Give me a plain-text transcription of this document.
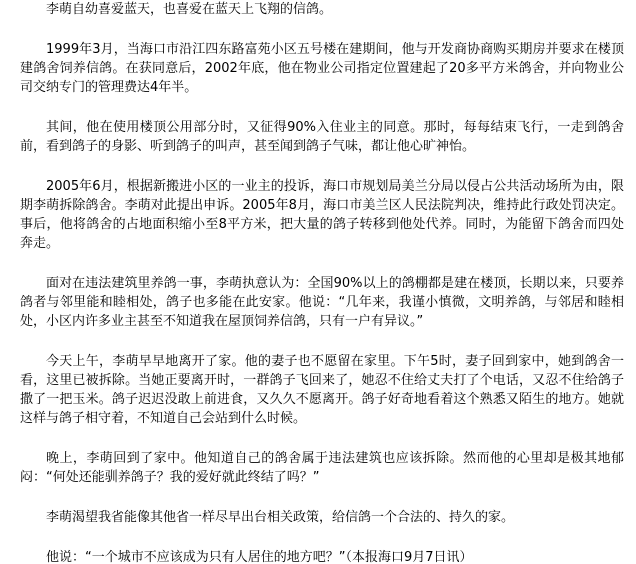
李萌自幼喜爱蓝天，也喜爱在蓝天上飞翔的信鸽。

1999年3月，当海口市沿江四东路富苑小区五号楼在建期间，他与开发商协商购买期房并要求在楼顶建鸽舍饲养信鸽。在获同意后，2002年底，他在物业公司指定位置建起了20多平方米鸽舍，并向物业公司交纳专门的管理费达4年半。

其间，他在使用楼顶公用部分时，又征得90%入住业主的同意。那时，每每结束飞行，一走到鸽舍前，看到鸽子的身影、听到鸽子的叫声，甚至闻到鸽子气味，都让他心旷神怡。

2005年6月，根据新搬进小区的一业主的投诉，海口市规划局美兰分局以侵占公共活动场所为由，限期李萌拆除鸽舍。李萌对此提出申诉。2005年8月，海口市美兰区人民法院判决，维持此行政处罚决定。事后，他将鸽舍的占地面积缩小至8平方米，把大量的鸽子转移到他处代养。同时，为能留下鸽舍而四处奔走。

面对在违法建筑里养鸽一事，李萌执意认为：全国90%以上的鸽棚都是建在楼顶，长期以来，只要养鸽者与邻里能和睦相处，鸽子也多能在此安家。他说：“几年来，我谨小慎微，文明养鸽，与邻居和睦相处，小区内许多业主甚至不知道我在屋顶饲养信鸽，只有一户有异议。”

今天上午，李萌早早地离开了家。他的妻子也不愿留在家里。下午5时，妻子回到家中，她到鸽舍一看，这里已被拆除。当她正要离开时，一群鸽子飞回来了，她忍不住给丈夫打了个电话，又忍不住给鸽子撒了一把玉米。鸽子迟迟没敢上前进食，又久久不愿离开。鸽子好奇地看着这个熟悉又陌生的地方。她就这样与鸽子相守着，不知道自己会站到什么时候。

晚上，李萌回到了家中。他知道自己的鸽舍属于违法建筑也应该拆除。然而他的心里却是极其地郁闷：“何处还能驯养鸽子？我的爱好就此终结了吗？”

李萌渴望我省能像其他省一样尽早出台相关政策，给信鸽一个合法的、持久的家。

他说：“一个城市不应该成为只有人居住的地方吧？”（本报海口9月7日讯）
